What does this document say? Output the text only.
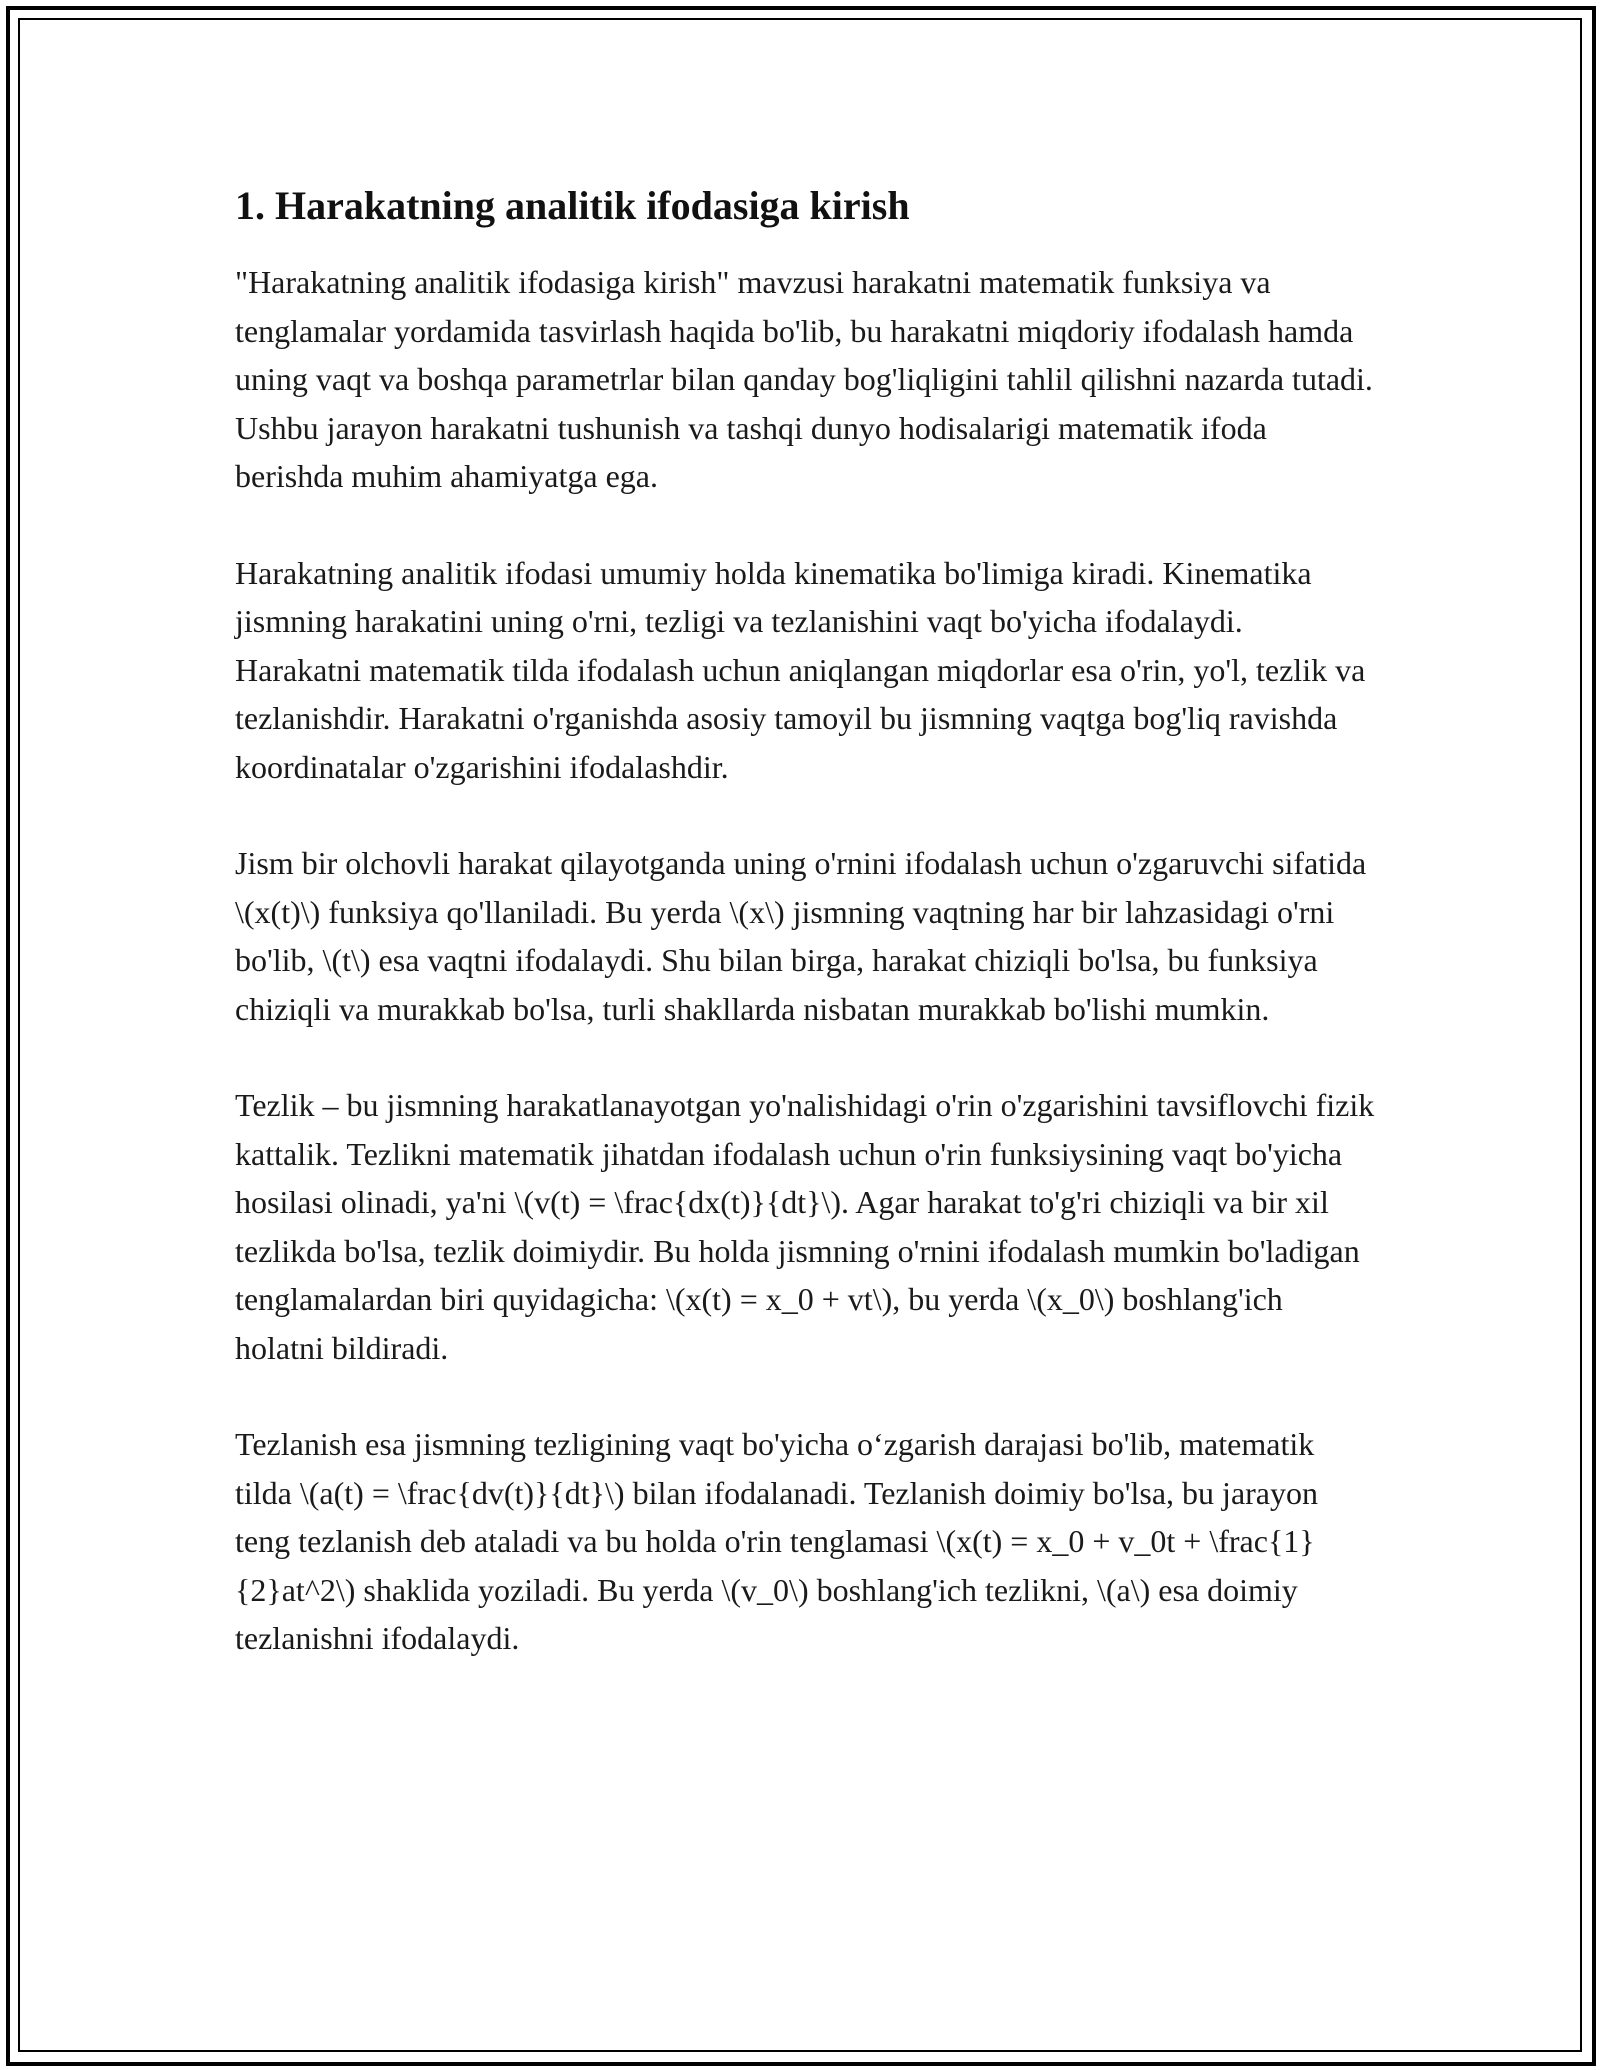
1. Harakatning analitik ifodasiga kirish

"Harakatning analitik ifodasiga kirish" mavzusi harakatni matematik funksiya va tenglamalar yordamida tasvirlash haqida bo'lib, bu harakatni miqdoriy ifodalash hamda uning vaqt va boshqa parametrlar bilan qanday bog'liqligini tahlil qilishni nazarda tutadi. Ushbu jarayon harakatni tushunish va tashqi dunyo hodisalarigi matematik ifoda berishda muhim ahamiyatga ega.

Harakatning analitik ifodasi umumiy holda kinematika bo'limiga kiradi. Kinematika jismning harakatini uning o'rni, tezligi va tezlanishini vaqt bo'yicha ifodalaydi. Harakatni matematik tilda ifodalash uchun aniqlangan miqdorlar esa o'rin, yo'l, tezlik va tezlanishdir. Harakatni o'rganishda asosiy tamoyil bu jismning vaqtga bog'liq ravishda koordinatalar o'zgarishini ifodalashdir.

Jism bir olchovli harakat qilayotganda uning o'rnini ifodalash uchun o'zgaruvchi sifatida \(x(t)\) funksiya qo'llaniladi. Bu yerda \(x\) jismning vaqtning har bir lahzasidagi o'rni bo'lib, \(t\) esa vaqtni ifodalaydi. Shu bilan birga, harakat chiziqli bo'lsa, bu funksiya chiziqli va murakkab bo'lsa, turli shakllarda nisbatan murakkab bo'lishi mumkin.

Tezlik – bu jismning harakatlanayotgan yo'nalishidagi o'rin o'zgarishini tavsiflovchi fizik kattalik. Tezlikni matematik jihatdan ifodalash uchun o'rin funksiysining vaqt bo'yicha hosilasi olinadi, ya'ni \(v(t) = \frac{dx(t)}{dt}\). Agar harakat to'g'ri chiziqli va bir xil tezlikda bo'lsa, tezlik doimiydir. Bu holda jismning o'rnini ifodalash mumkin bo'ladigan tenglamalardan biri quyidagicha: \(x(t) = x_0 + vt\), bu yerda \(x_0\) boshlang'ich holatni bildiradi.

Tezlanish esa jismning tezligining vaqt bo'yicha o‘zgarish darajasi bo'lib, matematik tilda \(a(t) = \frac{dv(t)}{dt}\) bilan ifodalanadi. Tezlanish doimiy bo'lsa, bu jarayon teng tezlanish deb ataladi va bu holda o'rin tenglamasi \(x(t) = x_0 + v_0t + \frac{1}{2}at^2\) shaklida yoziladi. Bu yerda \(v_0\) boshlang'ich tezlikni, \(a\) esa doimiy tezlanishni ifodalaydi.
